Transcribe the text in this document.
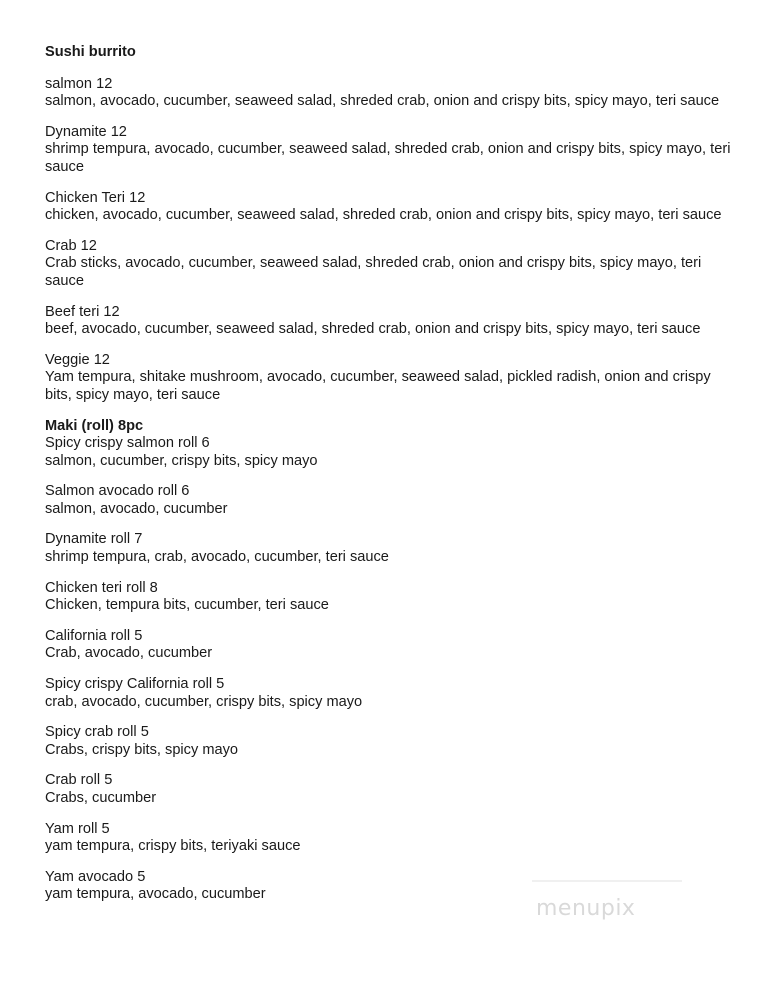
Sushi burrito

salmon 12

salmon, avocado, cucumber, seaweed salad, shreded crab, onion and crispy bits, spicy mayo, teri sauce

Dynamite 12

shrimp tempura, avocado, cucumber, seaweed salad, shreded crab, onion and crispy bits, spicy mayo, teri sauce

Chicken Teri 12

chicken, avocado, cucumber, seaweed salad, shreded crab, onion and crispy bits, spicy mayo, teri sauce

Crab 12

Crab sticks, avocado, cucumber, seaweed salad, shreded crab, onion and crispy bits, spicy mayo, teri sauce

Beef teri 12

beef, avocado, cucumber, seaweed salad, shreded crab, onion and crispy bits, spicy mayo, teri sauce

Veggie 12

Yam tempura, shitake mushroom, avocado, cucumber, seaweed salad, pickled radish, onion and crispy bits, spicy mayo, teri sauce

Maki (roll) 8pc

Spicy crispy salmon roll 6

salmon, cucumber, crispy bits, spicy mayo

Salmon avocado roll 6

salmon, avocado, cucumber

Dynamite roll 7

shrimp tempura, crab, avocado, cucumber, teri sauce

Chicken teri roll 8

Chicken, tempura bits, cucumber, teri sauce

California roll 5

Crab, avocado, cucumber

Spicy crispy California roll 5

crab, avocado, cucumber, crispy bits, spicy mayo

Spicy crab roll 5

Crabs, crispy bits, spicy mayo

Crab roll 5

Crabs, cucumber

Yam roll 5

yam tempura, crispy bits, teriyaki sauce

Yam avocado 5

yam tempura, avocado, cucumber

menupix
